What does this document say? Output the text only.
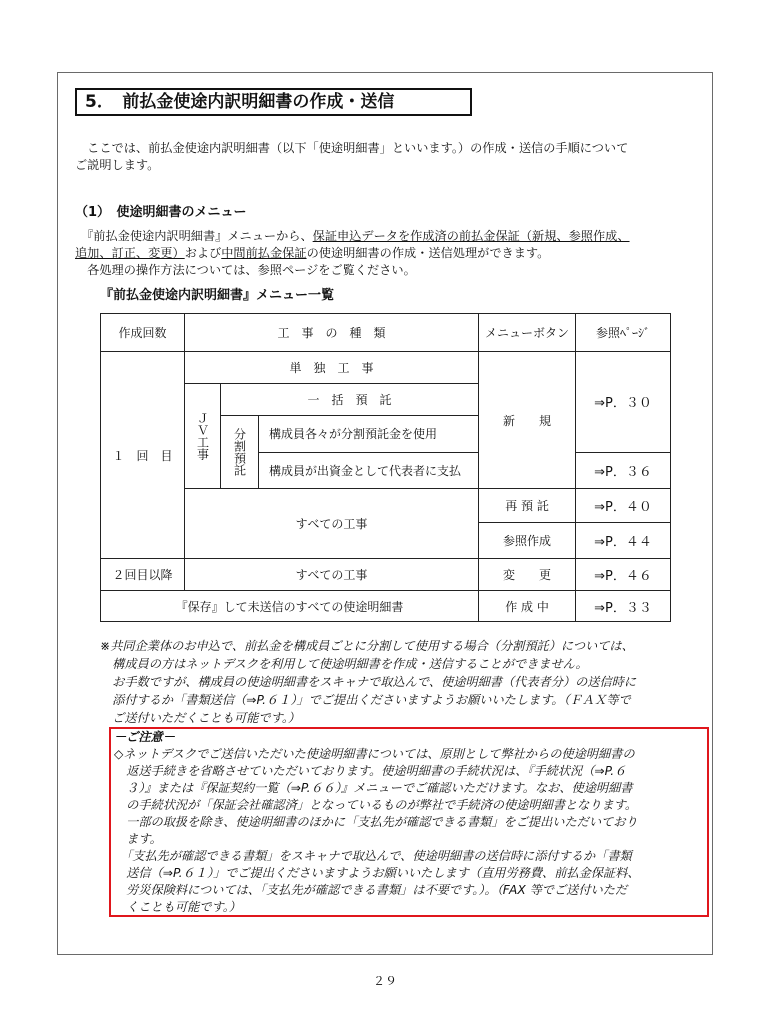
5．　前払金使途内訳明細書の作成・送信
　ここでは、前払金使途内訳明細書（以下「使途明細書」といいます。）の作成・送信の手順について
ご説明します。
（1）　使途明細書のメニュー
　『前払金使途内訳明細書』メニューから、保証申込データを作成済の前払金保証（新規、参照作成、
追加、訂正、変更）および中間前払金保証の使途明細書の作成・送信処理ができます。
　各処理の操作方法については、参照ページをご覧ください。
『前払金使途内訳明細書』メニュー一覧
作成回数	工　事　の　種　類			メニューボタン	参照ﾍﾟｰｼﾞ
１　回　目	単　独　工　事			新　　規	⇒P．３０

	ＪＶ工事	一　括　預　託			

		分割預託	構成員各々が分割預託金を使用		
			構成員が出資金として代表者に支払		⇒P．３６
	すべての工事			再 預 託	⇒P．４０
				参照作成	⇒P．４４
２回目以降	すべての工事			変　　更	⇒P．４６
『保存』して未送信のすべての使途明細書				作 成 中	⇒P．３３
※共同企業体のお申込で、前払金を構成員ごとに分割して使用する場合（分割預託）については、
　構成員の方はネットデスクを利用して使途明細書を作成・送信することができません。
　お手数ですが、構成員の使途明細書をスキャナで取込んで、使途明細書（代表者分）の送信時に
　添付するか「書類送信（⇒P.６１）」でご提出くださいますようお願いいたします。（ＦＡＸ等で
　ご送付いただくことも可能です。）
－ご注意－
◇ネットデスクでご送信いただいた使途明細書については、原則として弊社からの使途明細書の
　返送手続きを省略させていただいております。使途明細書の手続状況は、『手続状況（⇒P.６
　３）』または『保証契約一覧（⇒P.６６）』メニューでご確認いただけます。なお、使途明細書
　の手続状況が「保証会社確認済」となっているものが弊社で手続済の使途明細書となります。
　一部の取扱を除き、使途明細書のほかに「支払先が確認できる書類」をご提出いただいており
　ます。
　「支払先が確認できる書類」をスキャナで取込んで、使途明細書の送信時に添付するか「書類
　送信（⇒P.６１）」でご提出くださいますようお願いいたします（直用労務費、前払金保証料、
　労災保険料については、「支払先が確認できる書類」は不要です。）。（FAX 等でご送付いただ
　くことも可能です。）
２９
